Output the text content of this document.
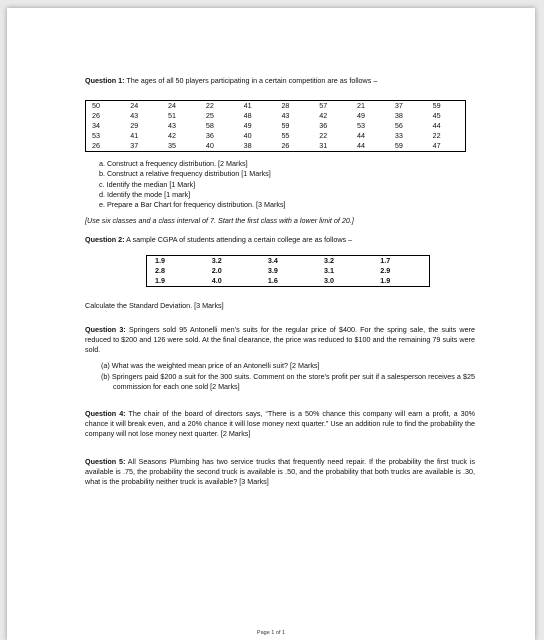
Question 1: The ages of all 50 players participating in a certain competition are as follows –

50	24	24	22	41	28	57	21	37	59
26	43	51	25	48	43	42	49	38	45
34	29	43	58	49	59	36	53	56	44
53	41	42	36	40	55	22	44	33	22
26	37	35	40	38	26	31	44	59	47
a. Construct a frequency distribution. [2 Marks]
b. Construct a relative frequency distribution [1 Marks]
c. Identify the median [1 Mark]
d. Identify the mode [1 mark]
e. Prepare a Bar Chart for frequency distribution. [3 Marks]

[Use six classes and a class interval of 7. Start the first class with a lower limit of 20.]

Question 2: A sample CGPA of students attending a certain college are as follows –

1.9	3.2	3.4	3.2	1.7
2.8	2.0	3.9	3.1	2.9
1.9	4.0	1.6	3.0	1.9

Calculate the Standard Deviation. [3 Marks]

Question 3: Springers sold 95 Antonelli men’s suits for the regular price of $400. For the spring sale, the suits were reduced to $200 and 126 were sold. At the final clearance, the price was reduced to $100 and the remaining 79 suits were sold.

(a) What was the weighted mean price of an Antonelli suit? [2 Marks]
(b) Springers paid $200 a suit for the 300 suits. Comment on the store’s profit per suit if a salesperson receives a $25 commission for each one sold [2 Marks]

Question 4: The chair of the board of directors says, “There is a 50% chance this company will earn a profit, a 30% chance it will break even, and a 20% chance it will lose money next quarter.” Use an addition rule to find the probability the company will not lose money next quarter. [2 Marks]

Question 5: All Seasons Plumbing has two service trucks that frequently need repair. If the probability the first truck is available is .75, the probability the second truck is available is .50, and the probability that both trucks are available is .30, what is the probability neither truck is available? [3 Marks]

Page 1 of 1
